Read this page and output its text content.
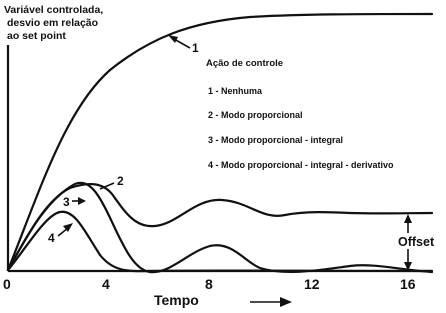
Variável controlada,
desvio em relação
ao set point
0	4	8	12	16
Tempo
Ação de controle
1 - Nenhuma
2 - Modo proporcional
3 - Modo proporcional - integral
4 - Modo proporcional - integral - derivativo
1
2
3
4	Offset
